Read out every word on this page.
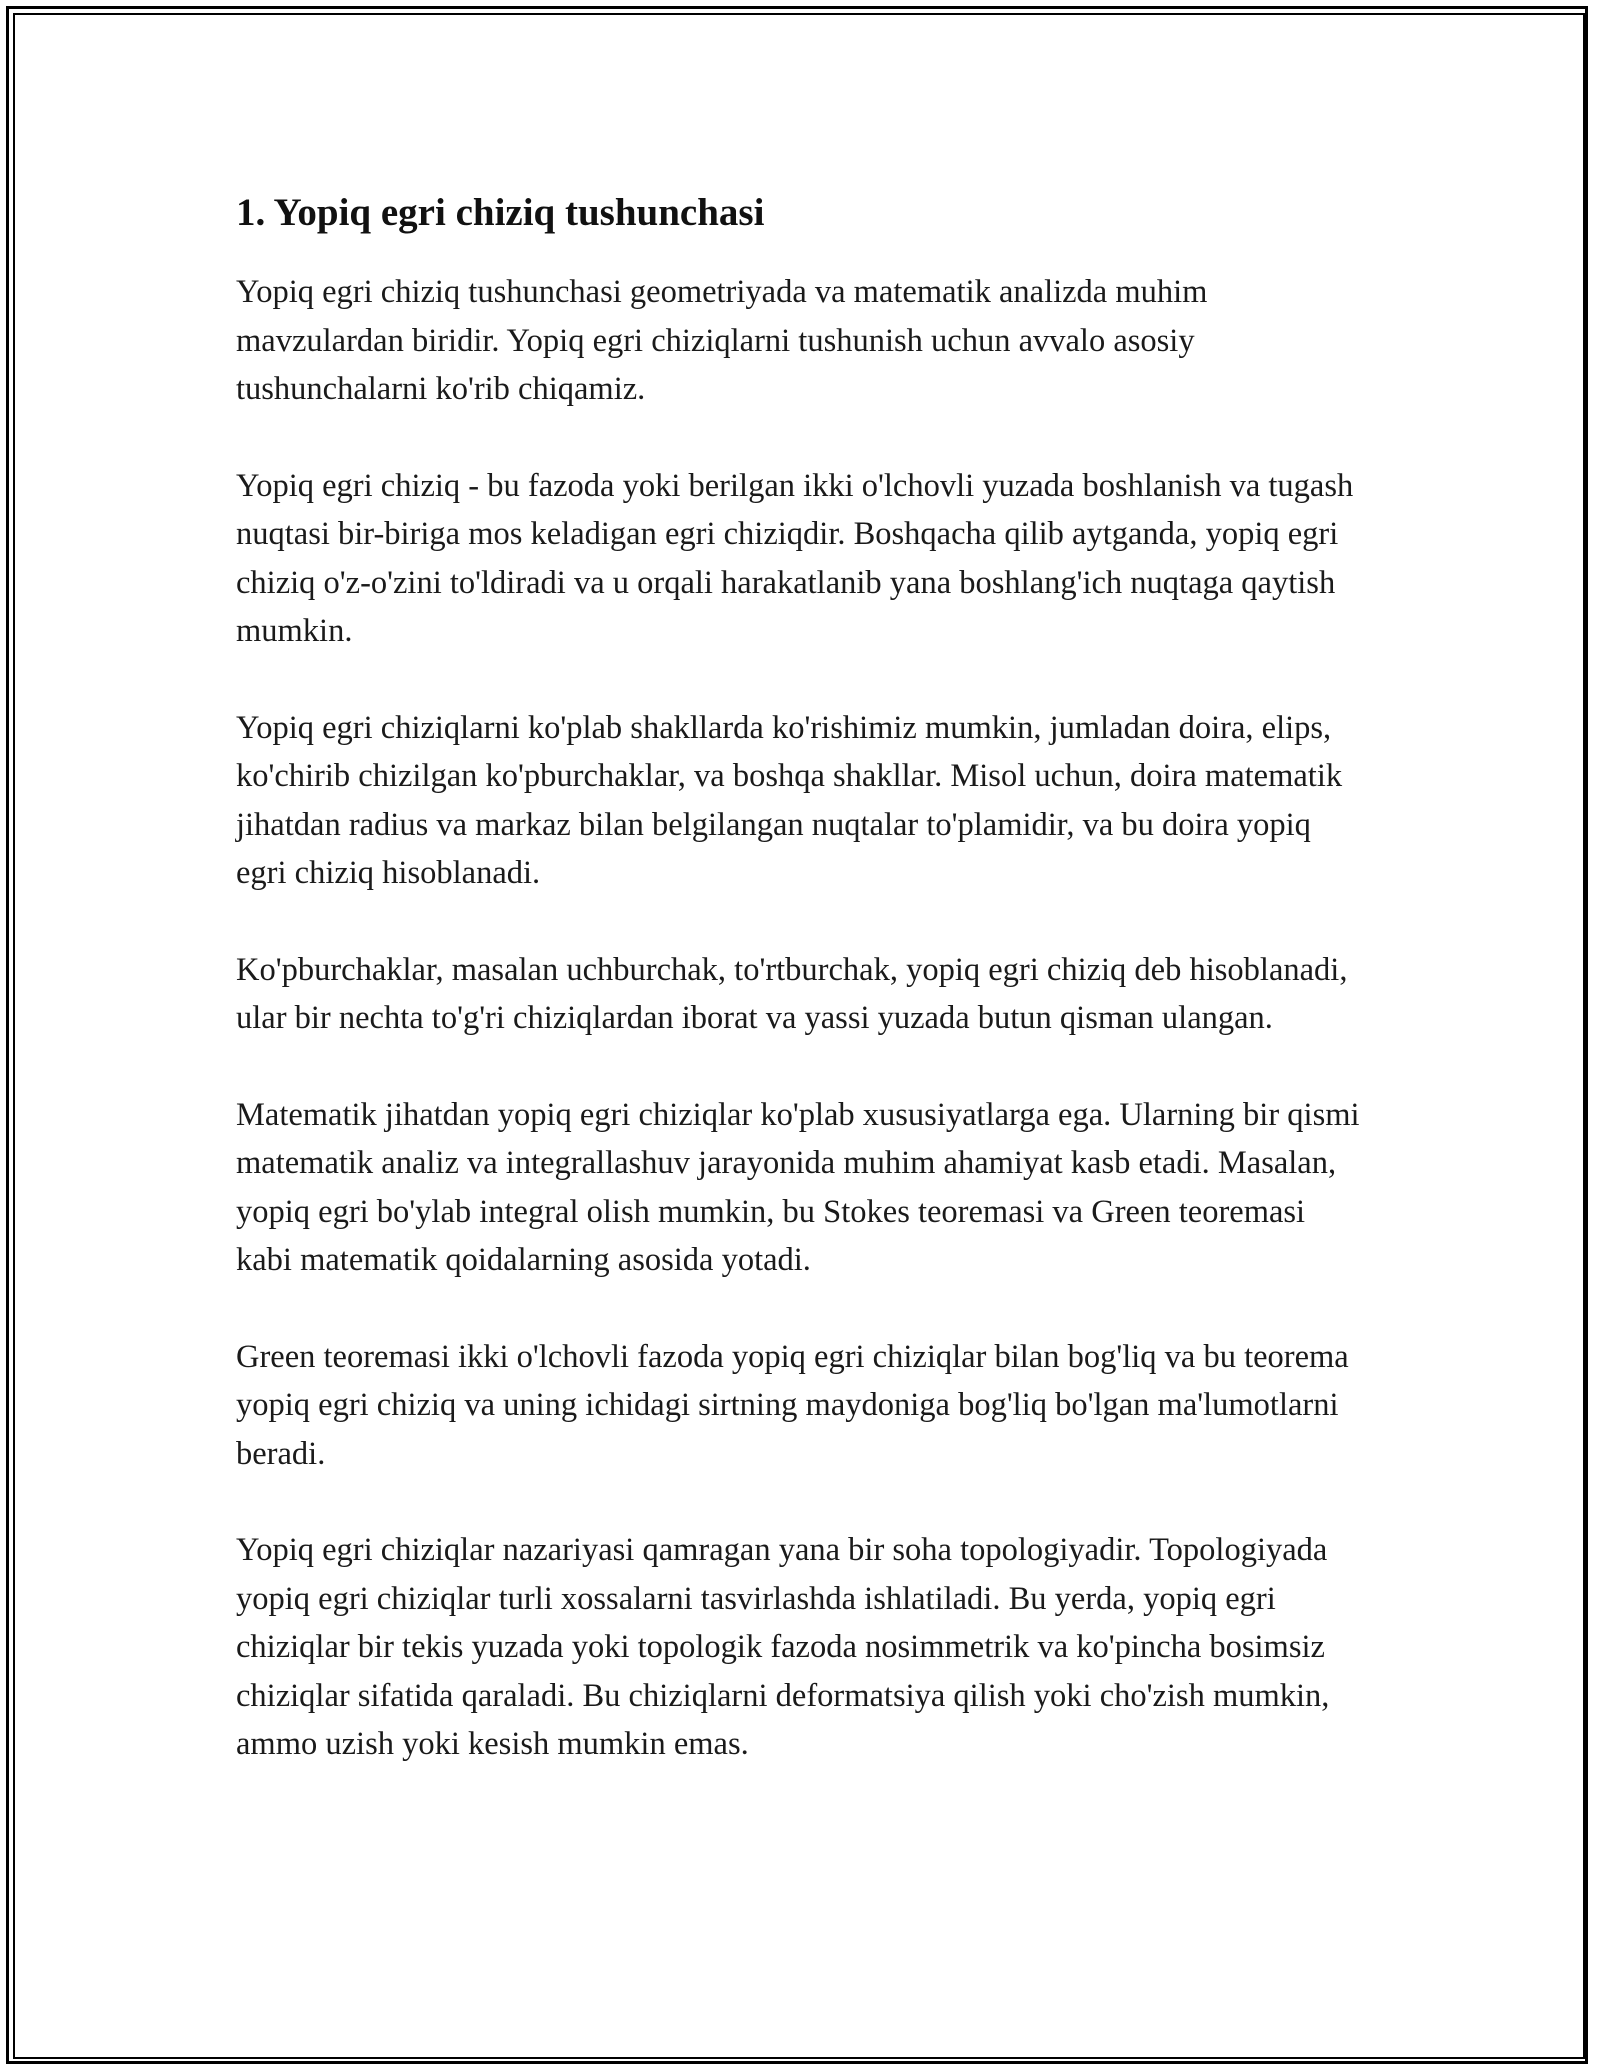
1. Yopiq egri chiziq tushunchasi

Yopiq egri chiziq tushunchasi geometriyada va matematik analizda muhim mavzulardan biridir. Yopiq egri chiziqlarni tushunish uchun avvalo asosiy tushunchalarni ko'rib chiqamiz.

Yopiq egri chiziq - bu fazoda yoki berilgan ikki o'lchovli yuzada boshlanish va tugash nuqtasi bir-biriga mos keladigan egri chiziqdir. Boshqacha qilib aytganda, yopiq egri chiziq o'z-o'zini to'ldiradi va u orqali harakatlanib yana boshlang'ich nuqtaga qaytish mumkin.

Yopiq egri chiziqlarni ko'plab shakllarda ko'rishimiz mumkin, jumladan doira, elips, ko'chirib chizilgan ko'pburchaklar, va boshqa shakllar. Misol uchun, doira matematik jihatdan radius va markaz bilan belgilangan nuqtalar to'plamidir, va bu doira yopiq egri chiziq hisoblanadi.

Ko'pburchaklar, masalan uchburchak, to'rtburchak, yopiq egri chiziq deb hisoblanadi, ular bir nechta to'g'ri chiziqlardan iborat va yassi yuzada butun qisman ulangan.

Matematik jihatdan yopiq egri chiziqlar ko'plab xususiyatlarga ega. Ularning bir qismi matematik analiz va integrallashuv jarayonida muhim ahamiyat kasb etadi. Masalan, yopiq egri bo'ylab integral olish mumkin, bu Stokes teoremasi va Green teoremasi kabi matematik qoidalarning asosida yotadi.

Green teoremasi ikki o'lchovli fazoda yopiq egri chiziqlar bilan bog'liq va bu teorema yopiq egri chiziq va uning ichidagi sirtning maydoniga bog'liq bo'lgan ma'lumotlarni beradi.

Yopiq egri chiziqlar nazariyasi qamragan yana bir soha topologiyadir. Topologiyada yopiq egri chiziqlar turli xossalarni tasvirlashda ishlatiladi. Bu yerda, yopiq egri chiziqlar bir tekis yuzada yoki topologik fazoda nosimmetrik va ko'pincha bosimsiz chiziqlar sifatida qaraladi. Bu chiziqlarni deformatsiya qilish yoki cho'zish mumkin, ammo uzish yoki kesish mumkin emas.
